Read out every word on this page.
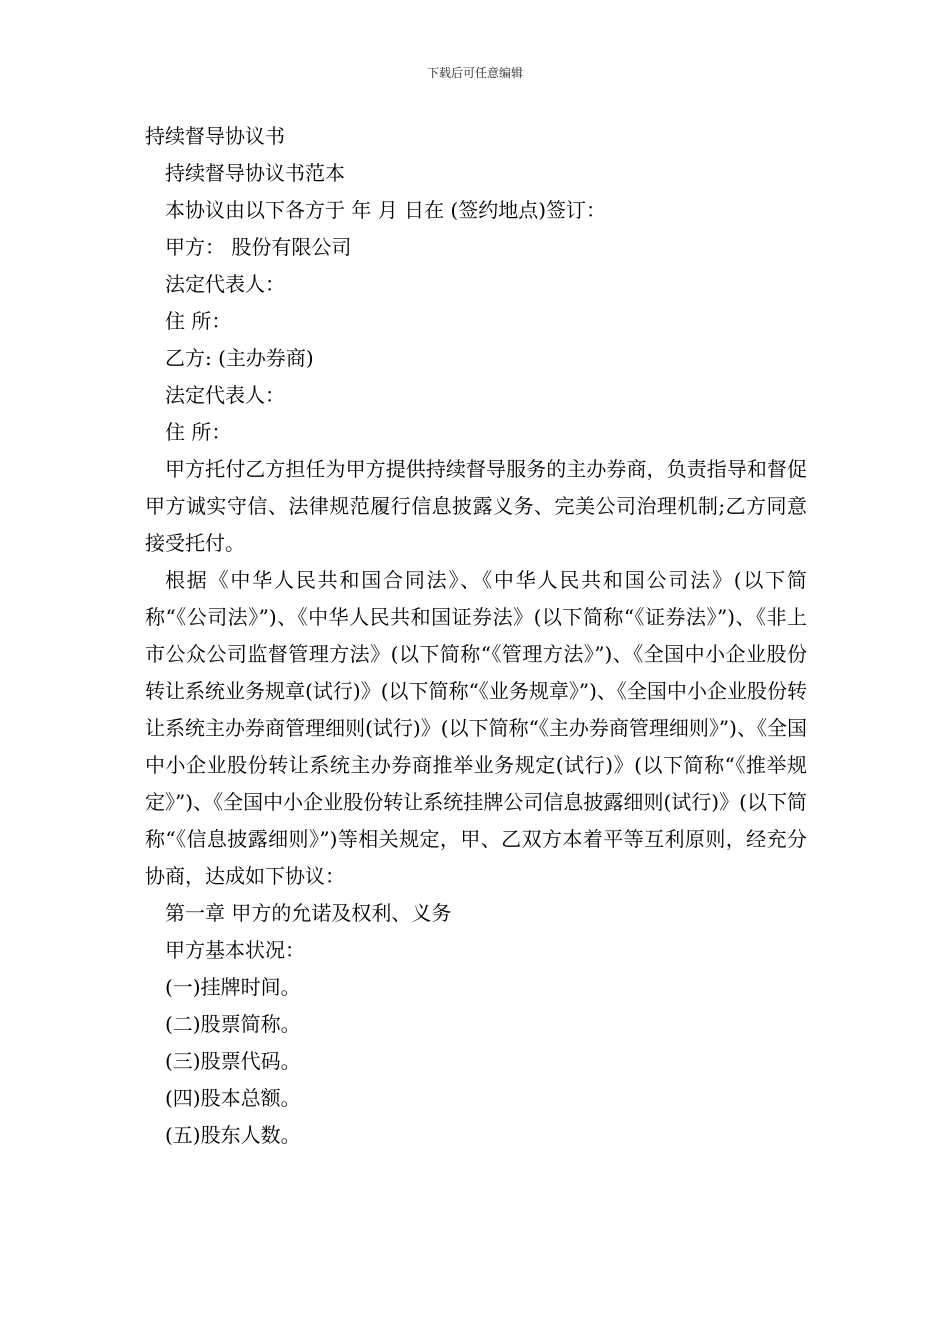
下载后可任意编辑

持续督导协议书

持续督导协议书范本

本协议由以下各方于 年 月 日在 (签约地点)签订：

甲方： 股份有限公司

法定代表人：

住 所：

乙方: (主办券商)

法定代表人：

住 所：

甲方托付乙方担任为甲方提供持续督导服务的主办券商，负责指导和督促甲方诚实守信、法律规范履行信息披露义务、完美公司治理机制;乙方同意接受托付。

根据《中华人民共和国合同法》、《中华人民共和国公司法》(以下简称“《公司法》”)、《中华人民共和国证券法》(以下简称“《证券法》”)、《非上市公众公司监督管理方法》(以下简称“《管理方法》”)、《全国中小企业股份转让系统业务规章(试行)》(以下简称“《业务规章》”)、《全国中小企业股份转让系统主办券商管理细则(试行)》(以下简称“《主办券商管理细则》”)、《全国中小企业股份转让系统主办券商推举业务规定(试行)》(以下简称“《推举规定》”)、《全国中小企业股份转让系统挂牌公司信息披露细则(试行)》(以下简称“《信息披露细则》”)等相关规定，甲、乙双方本着平等互利原则，经充分协商，达成如下协议：

第一章 甲方的允诺及权利、义务

甲方基本状况：

(一)挂牌时间。

(二)股票简称。

(三)股票代码。

(四)股本总额。

(五)股东人数。
